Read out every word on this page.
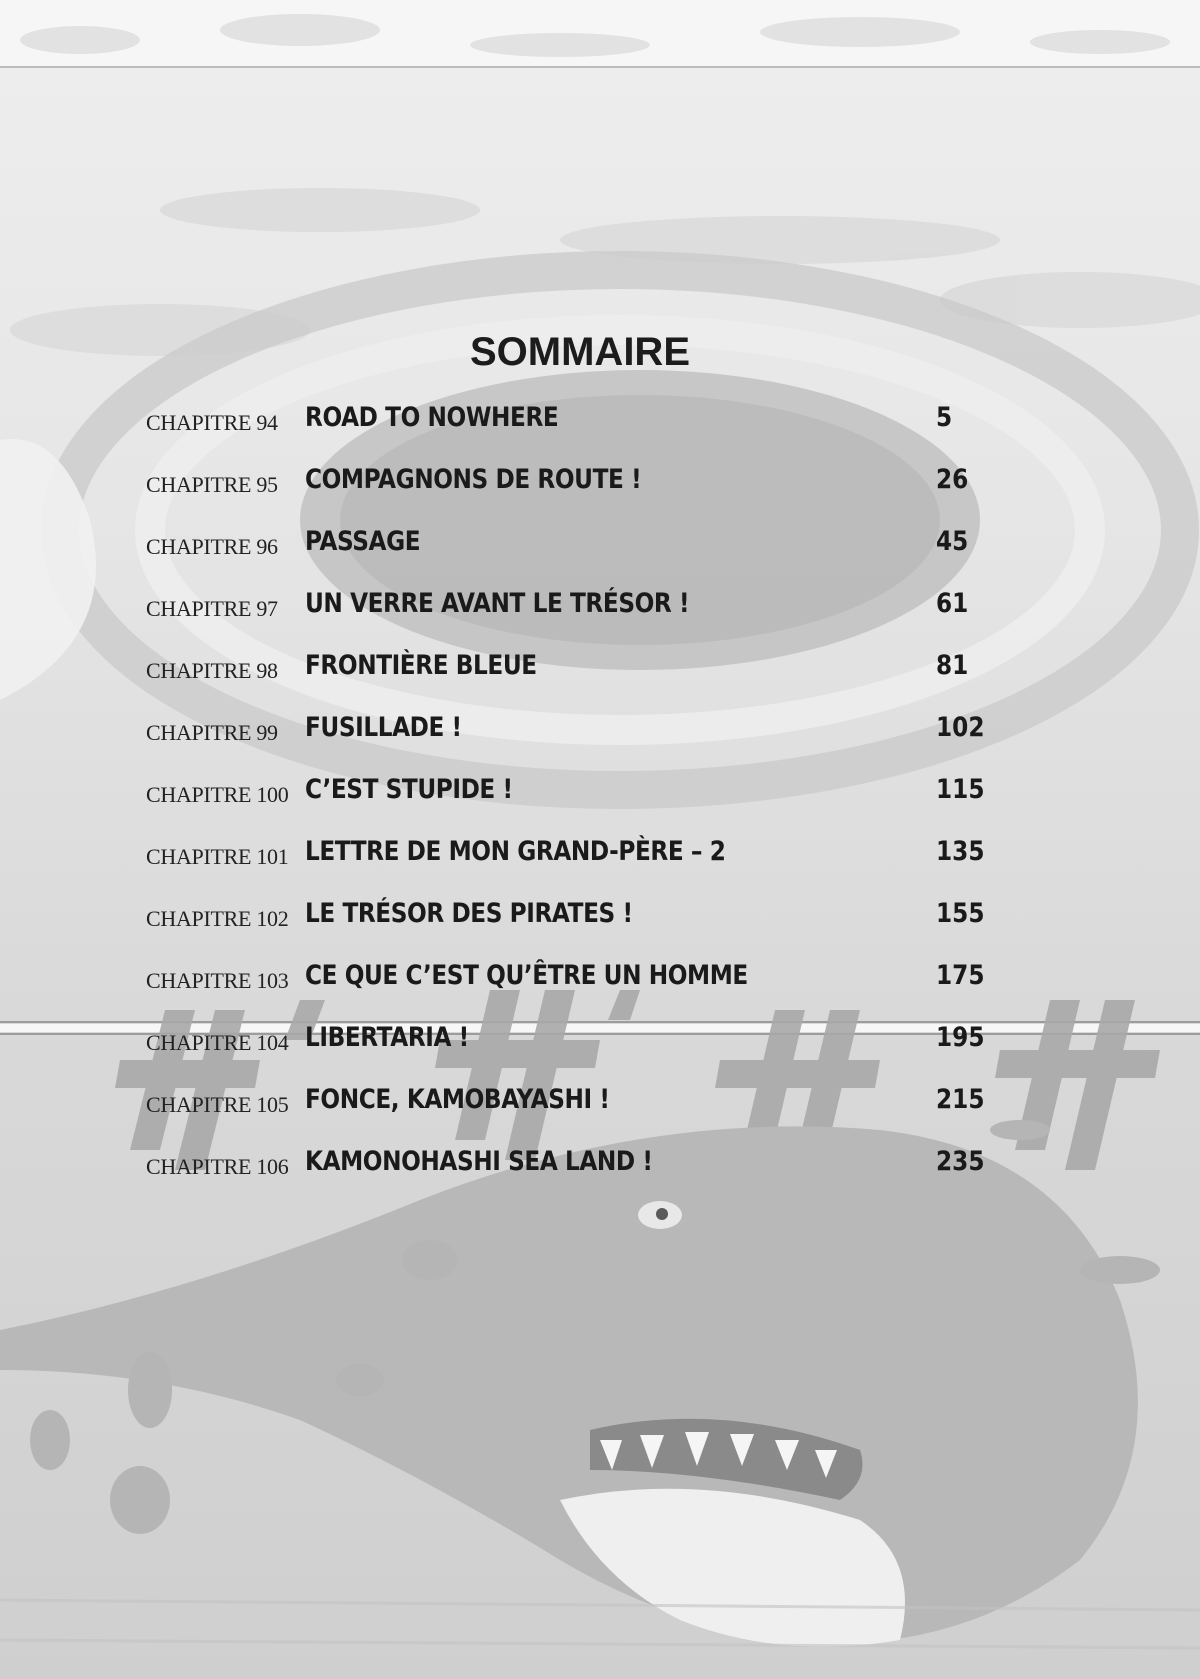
SOMMAIRE
CHAPITRE 94	ROAD TO NOWHERE	5
CHAPITRE 95	COMPAGNONS DE ROUTE !	26
CHAPITRE 96	PASSAGE	45
CHAPITRE 97	UN VERRE AVANT LE TRÉSOR !	61
CHAPITRE 98	FRONTIÈRE BLEUE	81
CHAPITRE 99	FUSILLADE !	102
CHAPITRE 100 C’EST STUPIDE !	115
CHAPITRE 101 LETTRE DE MON GRAND-PÈRE – 2	135
CHAPITRE 102 LE TRÉSOR DES PIRATES !	155
CHAPITRE 103 CE QUE C’EST QU’ÊTRE UN HOMME	175
CHAPITRE 104 LIBERTARIA !	195
CHAPITRE 105 FONCE, KAMOBAYASHI !	215
CHAPITRE 106 KAMONOHASHI SEA LAND !	235
